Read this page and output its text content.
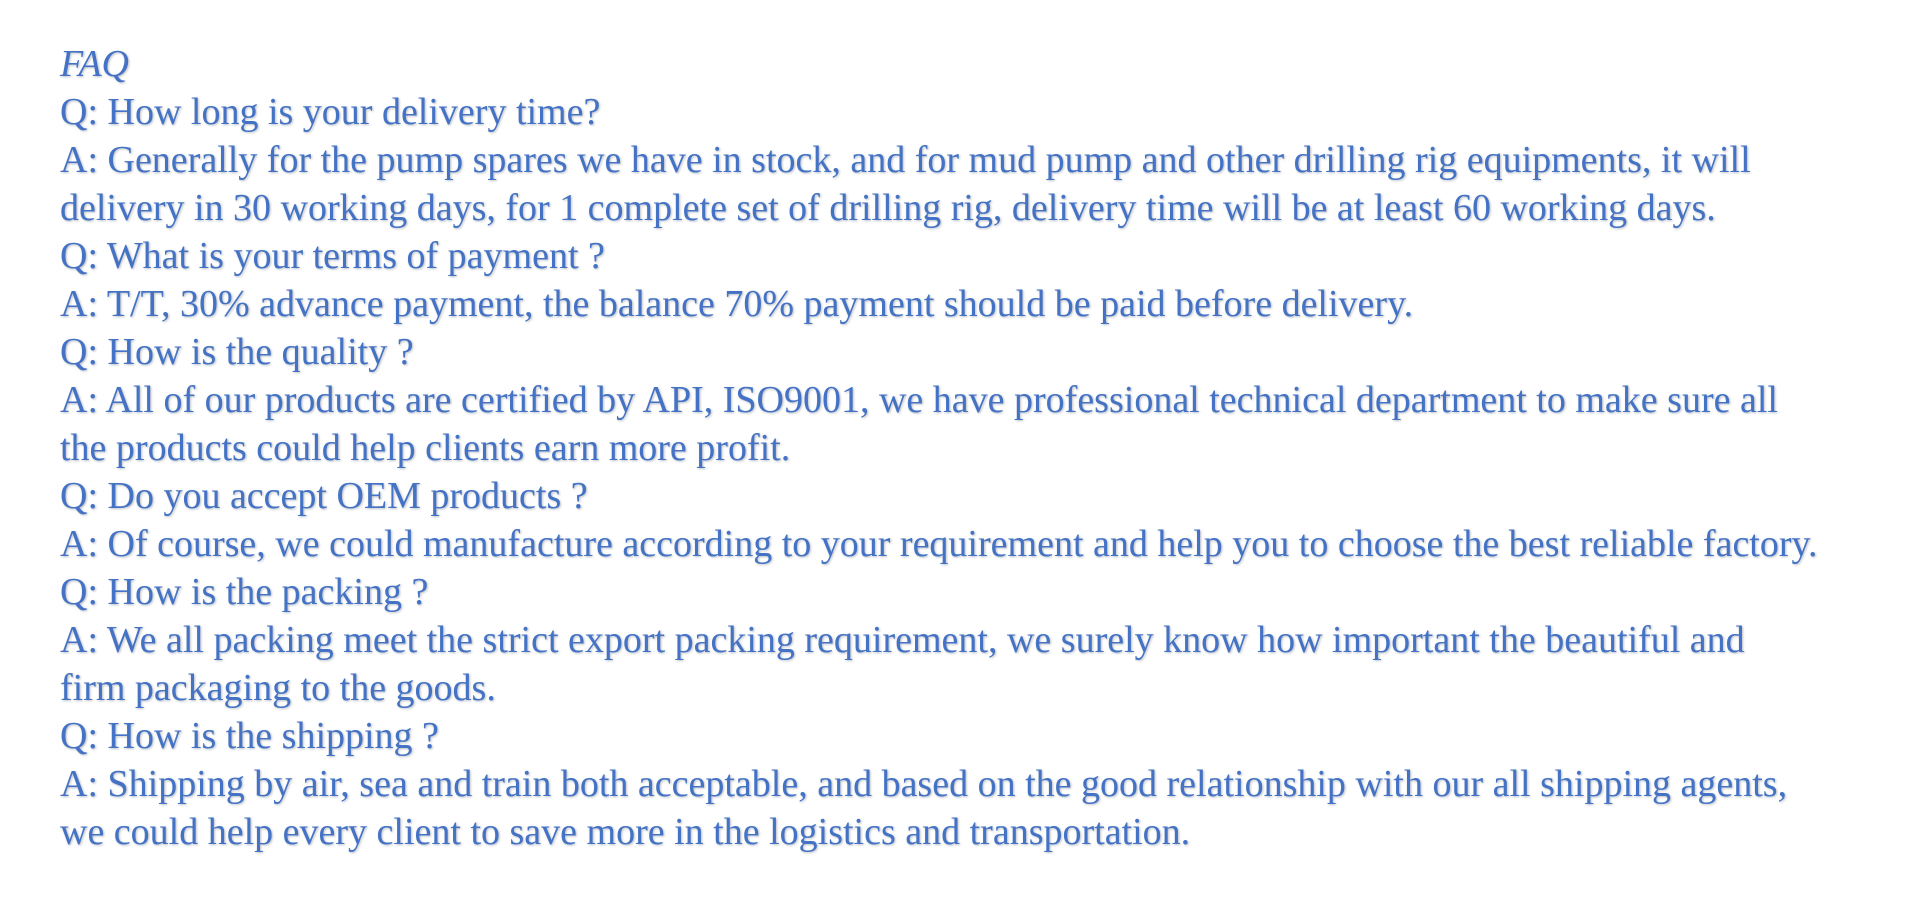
FAQ
Q: How long is your delivery time?
A: Generally for the pump spares we have in stock, and for mud pump and other drilling rig equipments, it will
delivery in 30 working days, for 1 complete set of drilling rig, delivery time will be at least 60 working days.
Q: What is your terms of payment ?
A: T/T, 30% advance payment, the balance 70% payment should be paid before delivery.
Q: How is the quality ?
A: All of our products are certified by API, ISO9001, we have professional technical department to make sure all
the products could help clients earn more profit.
Q: Do you accept OEM products ?
A: Of course, we could manufacture according to your requirement and help you to choose the best reliable factory.
Q: How is the packing ?
A: We all packing meet the strict export packing requirement, we surely know how important the beautiful and
firm packaging to the goods.
Q: How is the shipping ?
A: Shipping by air, sea and train both acceptable, and based on the good relationship with our all shipping agents,
we could help every client to save more in the logistics and transportation.
